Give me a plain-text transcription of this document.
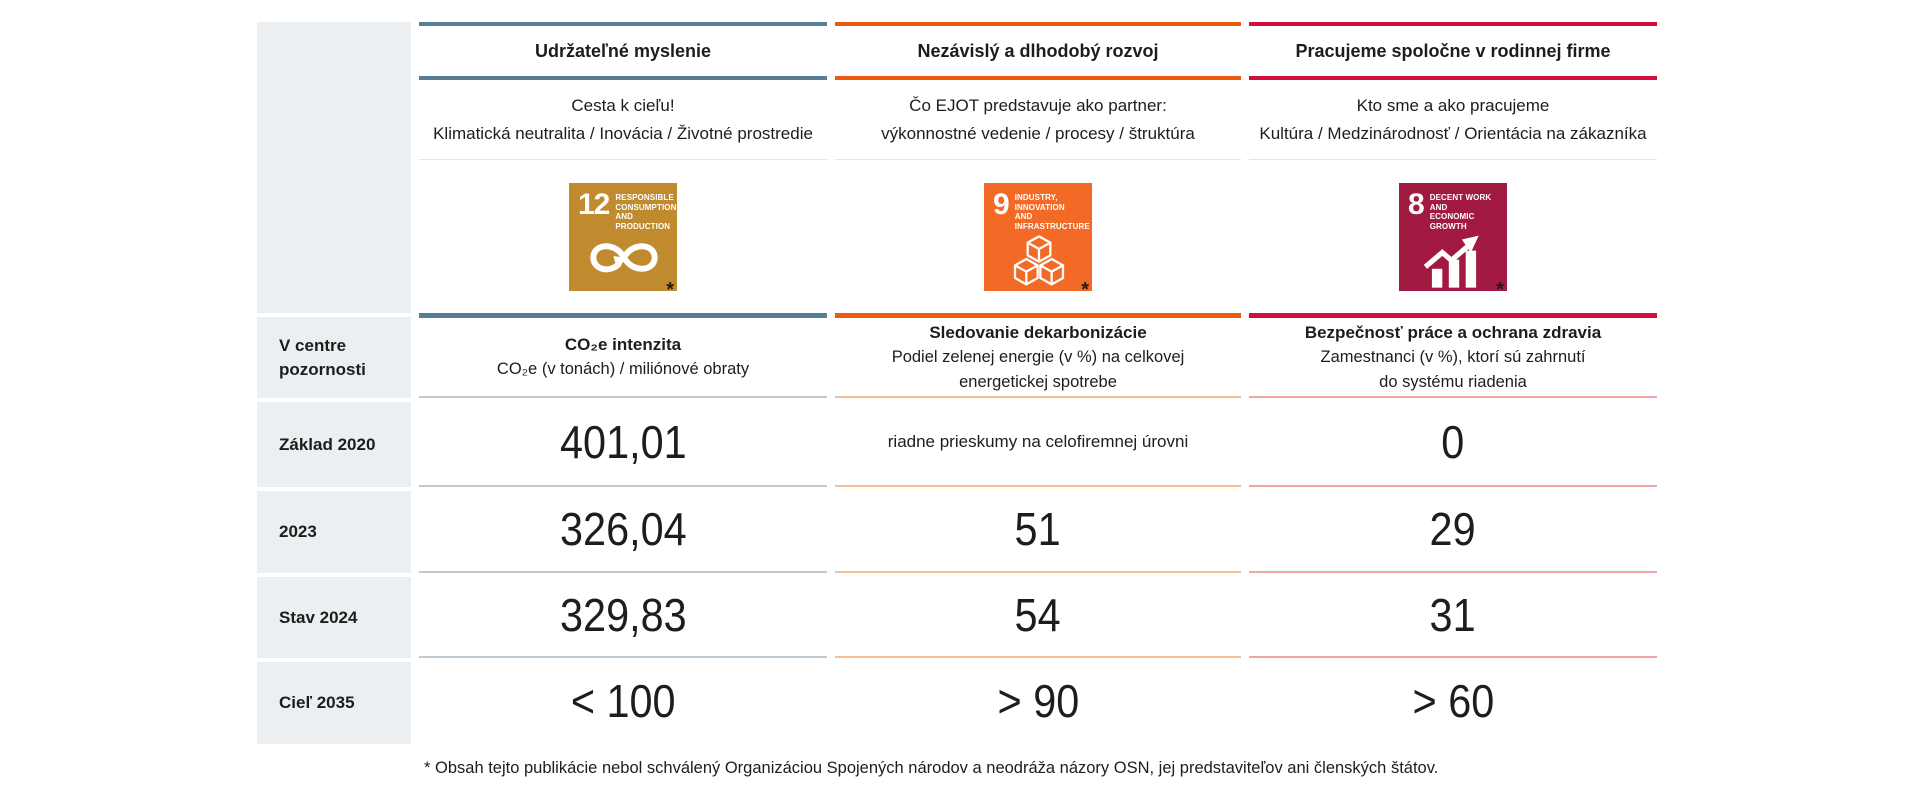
V centre pozornosti
Základ 2020
2023
Stav 2024
Cieľ 2035
Udržateľné myslenie
Cesta k cieľu!
Klimatická neutralita / Inovácia / Životné prostredie
12 RESPONSIBLE
CONSUMPTION
AND PRODUCTION
*
CO₂e intenzita
CO₂e (v tonách) / miliónové obraty
401,01
326,04
329,83
< 100
Nezávislý a dlhodobý rozvoj
Čo EJOT predstavuje ako partner:
výkonnostné vedenie / procesy / štruktúra
9 INDUSTRY, INNOVATION
AND INFRASTRUCTURE
*
Sledovanie dekarbonizácie
Podiel zelenej energie (v %) na celkovej
energetickej spotrebe
riadne prieskumy na celofiremnej úrovni
51
54
> 90
Pracujeme spoločne v rodinnej firme
Kto sme a ako pracujeme
Kultúra / Medzinárodnosť / Orientácia na zákazníka
8 DECENT WORK AND
ECONOMIC GROWTH
*
Bezpečnosť práce a ochrana zdravia
Zamestnanci (v %), ktorí sú zahrnutí
do systému riadenia
0
29
31
> 60
* Obsah tejto publikácie nebol schválený Organizáciou Spojených národov a neodráža názory OSN, jej predstaviteľov ani členských štátov.
